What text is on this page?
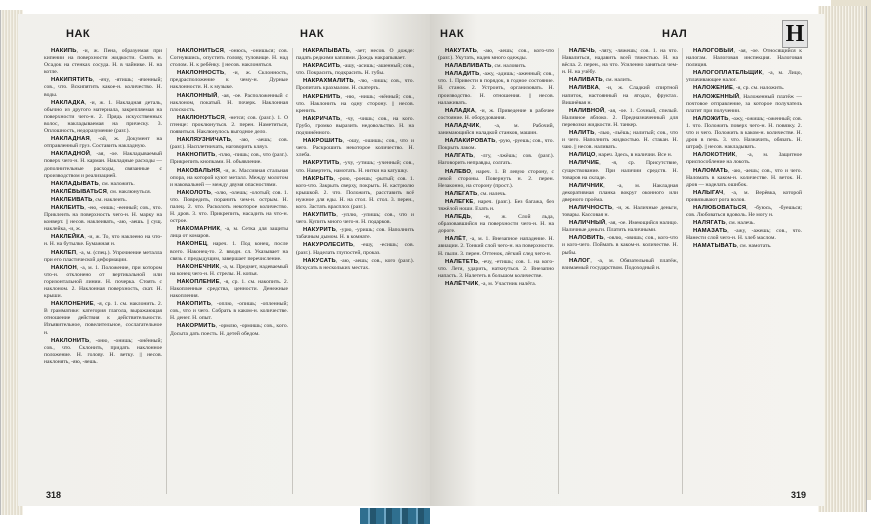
НАК	НАК

НАКИПЬ, -и, ж. Пена, образуемая при кипении на поверхности жидкости. Снять н. Осадок на стенках сосуда. Н. в чайнике. Н. на котле.

НАКИПЯТИТЬ, -ячу, -ятишь; -яченный; сов., что. Вскипятить какое-н. количество. Н. воды.

НАКЛАДКА, -и, ж. 1. Накладная деталь, обычно из другого материала, закрепляемая на поверхности чего-н. 2. Прядь искусственных волос, накладываемая на прическу. 3. Оплошность, недоразумение (разг.).

НАКЛАДНАЯ, -ой, ж. Документ на отправленный груз. Составить накладную.

НАКЛАДНОЙ, -ая, -ое. Накладываемый поверх чего-н. Н. карман. Накладные расходы — дополнительные расходы, связанные с производством и реализацией.

НАКЛАДЫВАТЬ, см. наложить.

НАКЛЁВЫВАТЬСЯ, см. наклюнуться.

НАКЛЕИВАТЬ, см. наклеить.

НАКЛЕИТЬ, -ею, -еишь; -еенный; сов., что. Приклеить на поверхность чего-н. Н. марку на конверт. || несов. наклеивать, -аю, -аешь. || сущ. наклейка, -и, ж.

НАКЛЕЙКА, -и, ж. То, что наклеено на что-н. Н. на бутылке. Бумажная н.

НАКЛЕП, -а, м. (спец.). Упрочнение металла при его пластической деформации.

НАКЛОН, -а, м. 1. Положение, при котором что-н. отклонено от вертикальной или горизонтальной линии. Н. почерка. Стоять с наклоном. 2. Наклонная поверхность, скат. Н. крыши.

НАКЛОНЕНИЕ, -я, ср. 1. см. наклонить. 2. В грамматике: категория глагола, выражающая отношение действия к действительности. Изъявительное, повелительное, сослагательное н.

НАКЛОНИТЬ, -оню, -онишь; -онённый; сов., что. Склонить, придать наклонное положение. Н. голову. Н. ветку. || несов. наклонять, -яю, -яешь.

НАКЛОНИТЬСЯ, -онюсь, -онишься; сов. Согнувшись, опустить голову, туловище. Н. над столом. Н. к ребёнку. || несов. наклоняться.

НАКЛОННОСТЬ, -и, ж. Склонность, предрасположение к чему-н. Дурные наклонности. Н. к музыке.

НАКЛОННЫЙ, -ая, -ое. Расположенный с наклоном, покатый. Н. почерк. Наклонная плоскость.

НАКЛЮНУТЬСЯ, -нется; сов. (разг.). 1. О птенце: проклюнуться. 2. перен. Наметиться, появиться. Наклюнулось выгодное дело.

НАКЛЯУЗНИЧАТЬ, -аю, -аешь; сов. (разг.). Насплетничать, наговорить кляуз.

НАКНОПИТЬ, -плю, -пишь; сов., что (разг.). Прикрепить кнопками. Н. объявление.

НАКОВАЛЬНЯ, -и, ж. Массивная стальная опора, на которой куют металл. Между молотом и наковальней — между двумя опасностями.

НАКОЛОТЬ, -олю, -олешь; -олотый; сов. 1. что. Повредить, поранить чем-н. острым. Н. палец. 2. что. Расколоть некоторое количество. Н. дров. 3. что. Прикрепить, насадить на что-н. острое.

НАКОМАРНИК, -а, м. Сетка для защиты лица от комаров.

НАКОНЕЦ, нареч. 1. Под конец, после всего. Наконец-то. 2. вводн. сл. Указывает на связь с предыдущим, завершает перечисление.

НАКОНЕЧНИК, -а, м. Предмет, надеваемый на конец чего-н. Н. стрелы. Н. копья.

НАКОПЛЕНИЕ, -я, ср. 1. см. накопить. 2. Накопленные средства, ценности. Денежные накопления.

НАКОПИТЬ, -оплю, -опишь; -опленный; сов., что и чего. Собрать в каком-н. количестве. Н. денег. Н. опыт.

НАКОРМИТЬ, -ормлю, -ормишь; сов., кого. Досыта дать поесть. Н. детей обедом.

НАКРАПЫВАТЬ, -ает; несов. О дожде: падать редкими каплями. Дождь накрапывает.

НАКРАСИТЬ, -ашу, -асишь; -ашенный; сов., что. Покрасить, подкрасить. Н. губы.

НАКРАХМАЛИТЬ, -лю, -лишь; сов., что. Пропитать крахмалом. Н. скатерть.

НАКРЕНИТЬ, -ню, -нишь; -нённый; сов., что. Наклонить на одну сторону. || несов. кренить.

НАКРИЧАТЬ, -чу, -чишь; сов., на кого. Грубо, громко выразить недовольство. Н. на подчинённого.

НАКРОШИТЬ, -ошу, -ошишь; сов., что и чего. Раскрошить некоторое количество. Н. хлеба.

НАКРУТИТЬ, -учу, -утишь; -ученный; сов., что. Навертеть, намотать. Н. нитки на катушку.

НАКРЫТЬ, -рою, -роешь; -рытый; сов. 1. кого-что. Закрыть сверху, покрыть. Н. кастрюлю крышкой. 2. что. Положить, расставить всё нужное для еды. Н. на стол. Н. стол. 3. перен., кого. Застать врасплох (разг.).

НАКУПИТЬ, -уплю, -упишь; сов., что и чего. Купить много чего-н. Н. подарков.

НАКУРИТЬ, -урю, -уришь; сов. Наполнить табачным дымом. Н. в комнате.

НАКУРОЛЕСИТЬ, -ешу, -есишь; сов. (разг.). Наделать глупостей, проказ.

НАКУСАТЬ, -аю, -аешь; сов., кого (разг.). Искусать в нескольких местах.

318
НАК	НАЛ	Н

НАКУТАТЬ, -аю, -аешь; сов., кого-что (разг.). Укутать, надев много одежды.

НАЛАВЛИВАТЬ, см. наловить.

НАЛАДИТЬ, -ажу, -адишь; -аженный; сов., что. 1. Привести в порядок, в годное состояние. Н. станок. 2. Устроить, организовать. Н. производство. Н. отношения. || несов. налаживать.

НАЛАДКА, -и, ж. Приведение в рабочее состояние. Н. оборудования.

НАЛАДЧИК, -а, м. Рабочий, занимающийся наладкой станков, машин.

НАЛАКИРОВАТЬ, -рую, -руешь; сов., что. Покрыть лаком.

НАЛГАТЬ, -лгу, -лжёшь; сов. (разг.). Наговорить неправды, солгать.

НАЛЕВО, нареч. 1. В левую сторону, с левой стороны. Повернуть н. 2. перен. Незаконно, на сторону (прост.).

НАЛЕГАТЬ, см. налечь.

НАЛЕГКЕ, нареч. (разг.). Без багажа, без тяжёлой ноши. Ехать н.

НАЛЕДЬ, -и, ж. Слой льда, образовавшийся на поверхности чего-н. Н. на дороге.

НАЛЁТ, -а, м. 1. Внезапное нападение. Н. авиации. 2. Тонкий слой чего-н. на поверхности. Н. пыли. 3. перен. Оттенок, лёгкий след чего-н.

НАЛЕТЕТЬ, -ечу, -етишь; сов. 1. на кого-что. Летя, ударить, наткнуться. 2. Внезапно напасть. 3. Налететь в большом количестве.

НАЛЁТЧИК, -а, м. Участник налёта.

НАЛЕЧЬ, -лягу, -ляжешь; сов. 1. на что. Навалиться, надавить всей тяжестью. Н. на вёсла. 2. перен., на что. Усиленно заняться чем-н. Н. на учёбу.

НАЛИВАТЬ, см. налить.

НАЛИВКА, -и, ж. Сладкий спиртной напиток, настоянный на ягодах, фруктах. Вишнёвая н.

НАЛИВНОЙ, -ая, -ое. 1. Сочный, спелый. Наливное яблоко. 2. Предназначенный для перевозки жидкости. Н. танкер.

НАЛИТЬ, -лью, -льёшь; налитый; сов., что и чего. Наполнить жидкостью. Н. стакан. Н. чаю. || несов. наливать.

НАЛИЦО, нареч. Здесь, в наличии. Все н.

НАЛИЧИЕ, -я, ср. Присутствие, существование. При наличии средств. Н. товаров на складе.

НАЛИЧНИК, -а, м. Накладная декоративная планка вокруг оконного или дверного проёма.

НАЛИЧНОСТЬ, -и, ж. Наличные деньги, товары. Кассовая н.

НАЛИЧНЫЙ, -ая, -ое. Имеющийся налицо. Наличные деньги. Платить наличными.

НАЛОВИТЬ, -овлю, -овишь; сов., кого-что и кого-чего. Поймать в каком-н. количестве. Н. рыбы.

НАЛОГ, -а, м. Обязательный платёж, взимаемый государством. Подоходный н.

НАЛОГОВЫЙ, -ая, -ое. Относящийся к налогам. Налоговая инспекция. Налоговая полиция.

НАЛОГОПЛАТЕЛЬЩИК, -а, м. Лицо, уплачивающее налог.

НАЛОЖЕНИЕ, -я, ср. см. наложить.

НАЛОЖЕННЫЙ, Наложенный платёж — почтовое отправление, за которое получатель платит при получении.

НАЛОЖИТЬ, -ожу, -ожишь; -оженный; сов. 1. что. Положить поверх чего-н. Н. повязку. 2. что и чего. Положить в каком-н. количестве. Н. дров в печь. 3. что. Назначить, обязать. Н. штраф. || несов. накладывать.

НАЛОКОТНИК, -а, м. Защитное приспособление на локоть.

НАЛОМАТЬ, -аю, -аешь; сов., что и чего. Наломать в каком-н. количестве. Н. веток. Н. дров — наделать ошибок.

НАЛЫГАЧ, -а, м. Верёвка, которой привязывают рога волов.

НАЛЮБОВАТЬСЯ, -буюсь, -буешься; сов. Любоваться вдоволь. Не могу н.

НАЛЯГАТЬ, см. налечь.

НАМАЗАТЬ, -ажу, -ажешь; сов., что. Нанести слой чего-н. Н. хлеб маслом.

НАМАТЫВАТЬ, см. намотать.

319
